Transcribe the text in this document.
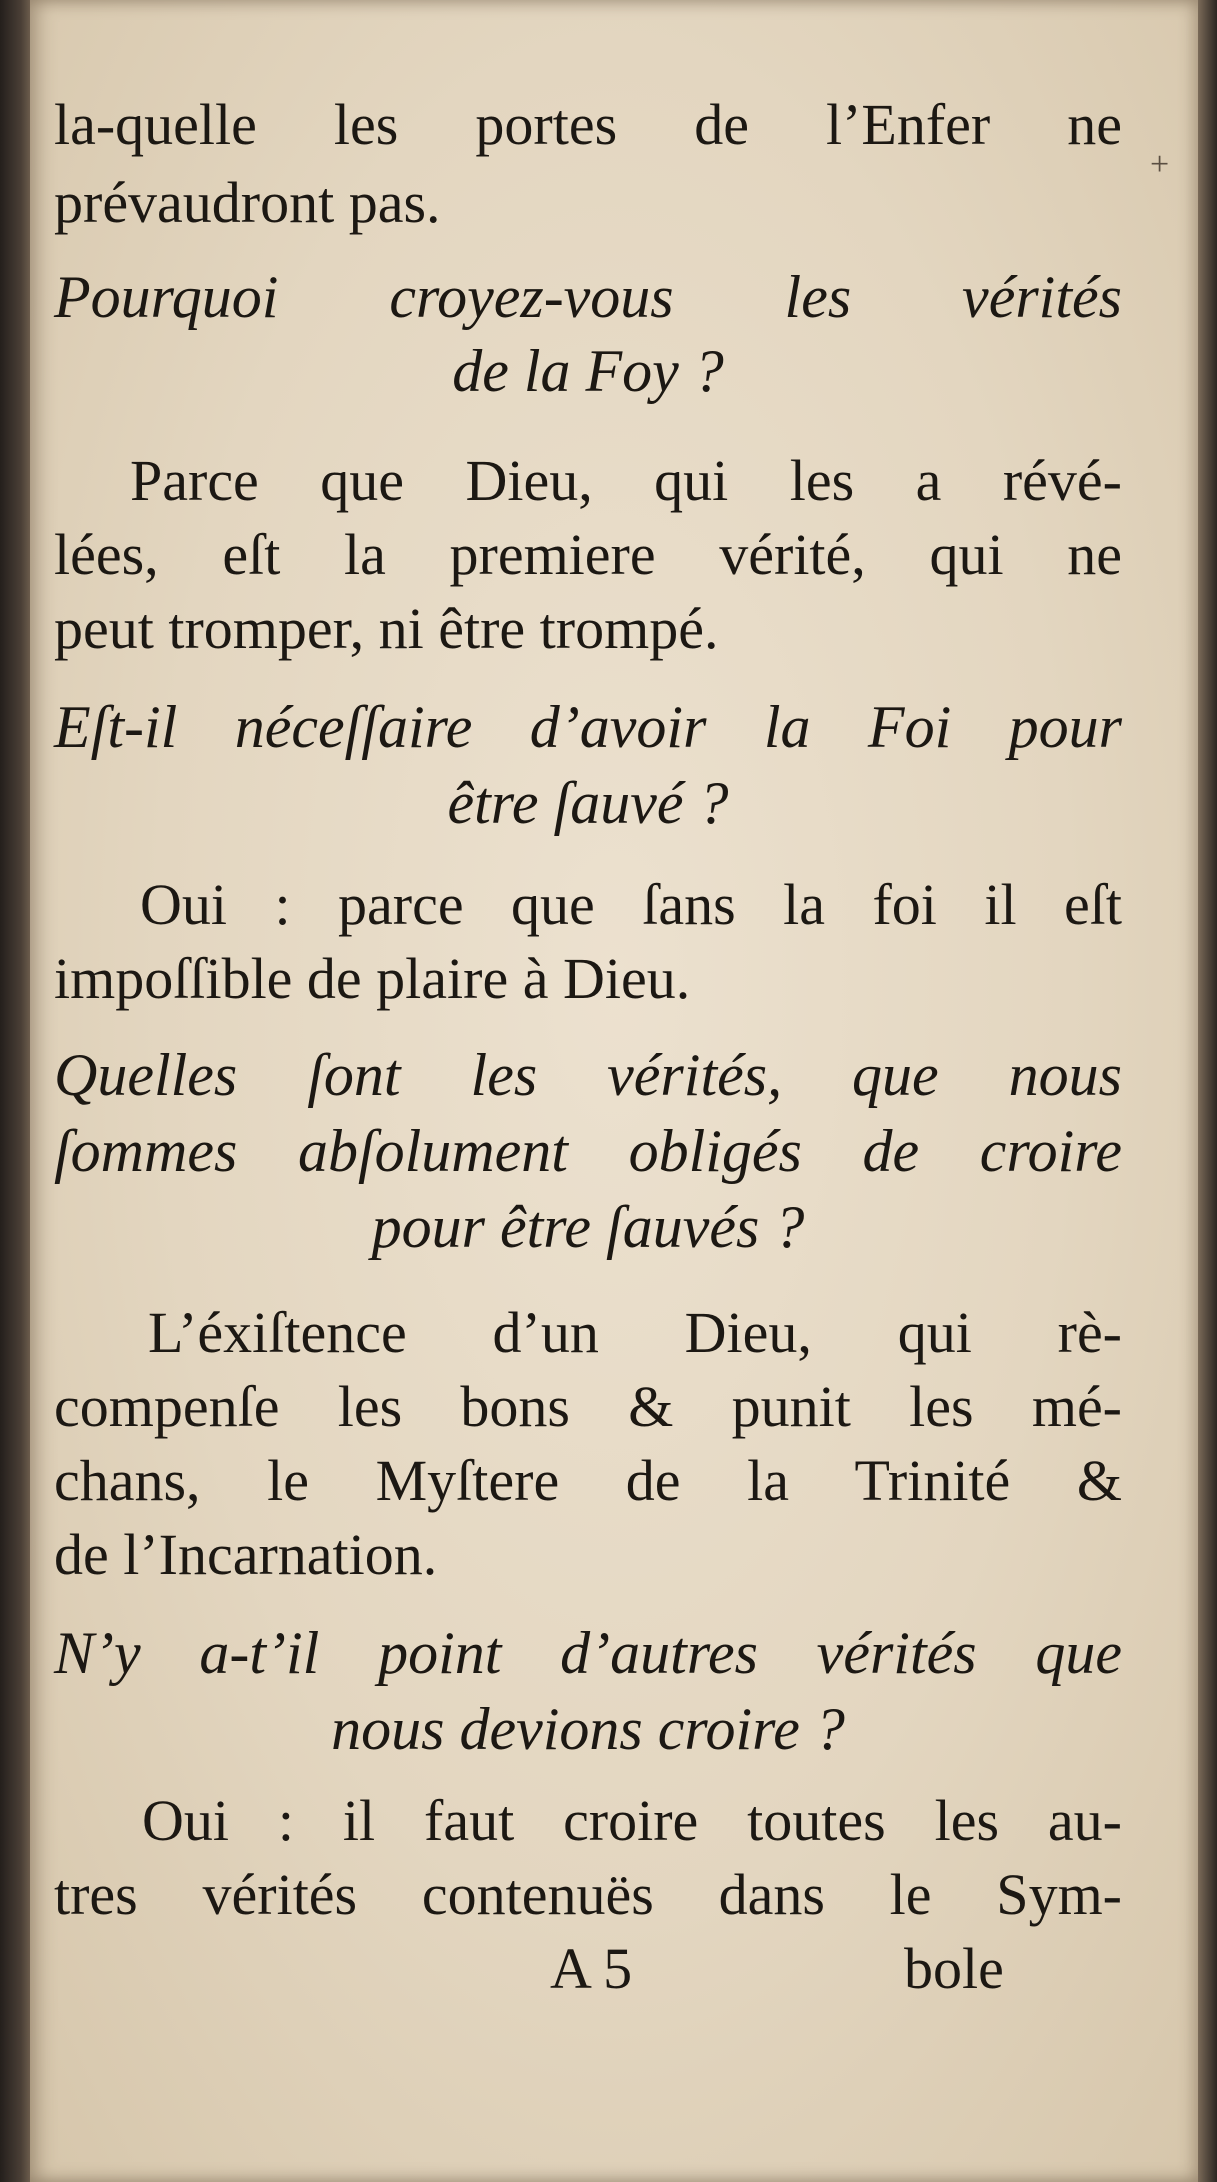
+
la-quelle les portes de l’Enfer ne
prévaudront pas.
Pourquoi croyez-vous les vérités
de la Foy ?
Parce que Dieu, qui les a révé-
lées, eſt la premiere vérité, qui ne
peut tromper, ni être trompé.
Eſt-il néceſſaire d’avoir la Foi pour
être ſauvé ?
Oui : parce que ſans la foi il eſt
impoſſible de plaire à Dieu.
Quelles ſont les vérités, que nous
ſommes abſolument obligés de croire
pour être ſauvés ?
L’éxiſtence d’un Dieu, qui rè-
compenſe les bons & punit les mé-
chans, le Myſtere de la Trinité &
de l’Incarnation.
N’y a-t’il point d’autres vérités que
nous devions croire ?
Oui : il faut croire toutes les au-
tres vérités contenuës dans le Sym-
A 5	bole
